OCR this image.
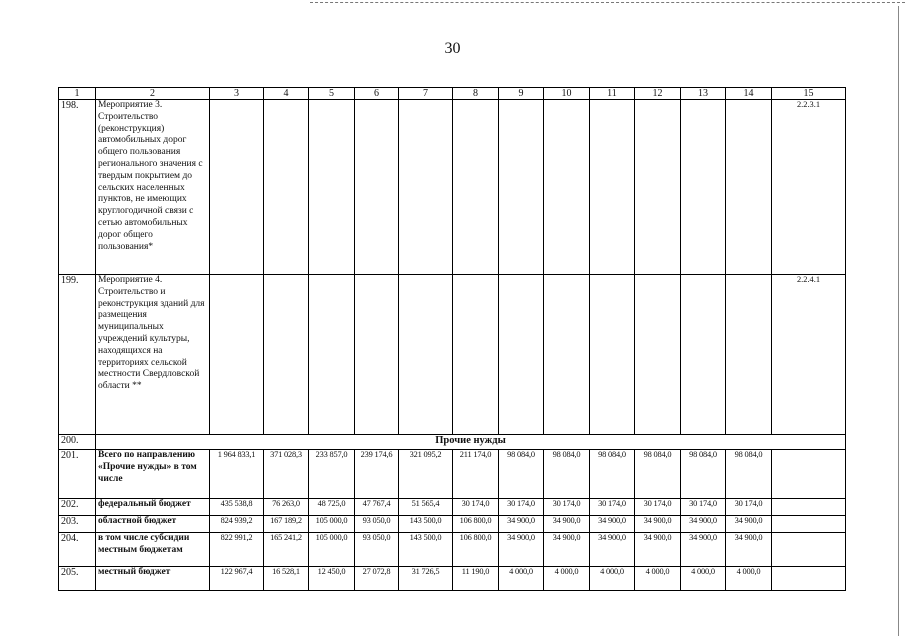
30
1	2	3	4	5	6	7	8	9	10	11	12	13	14	15
198.	Мероприятие 3. Строительство (реконструкция) автомобильных дорог общего пользования регионального значения с твердым покрытием до сельских населенных пунктов, не имеющих круглогодичной связи с сетью автомобильных дорог общего пользования*													2.2.3.1
199.	Мероприятие 4. Строительство и реконструкция зданий для размещения муниципальных учреждений культуры, находящихся на территориях сельской местности Свердловской области **													2.2.4.1
200.	Прочие нужды													
201.	Всего по направлению «Прочие нужды» в том числе	1 964 833,1	371 028,3	233 857,0	239 174,6	321 095,2	211 174,0	98 084,0	98 084,0	98 084,0	98 084,0	98 084,0	98 084,0	
202.	федеральный бюджет	435 538,8	76 263,0	48 725,0	47 767,4	51 565,4	30 174,0	30 174,0	30 174,0	30 174,0	30 174,0	30 174,0	30 174,0	
203.	областной бюджет	824 939,2	167 189,2	105 000,0	93 050,0	143 500,0	106 800,0	34 900,0	34 900,0	34 900,0	34 900,0	34 900,0	34 900,0	
204.	в том числе субсидии местным бюджетам	822 991,2	165 241,2	105 000,0	93 050,0	143 500,0	106 800,0	34 900,0	34 900,0	34 900,0	34 900,0	34 900,0	34 900,0	
205.	местный бюджет	122 967,4	16 528,1	12 450,0	27 072,8	31 726,5	11 190,0	4 000,0	4 000,0	4 000,0	4 000,0	4 000,0	4 000,0	
